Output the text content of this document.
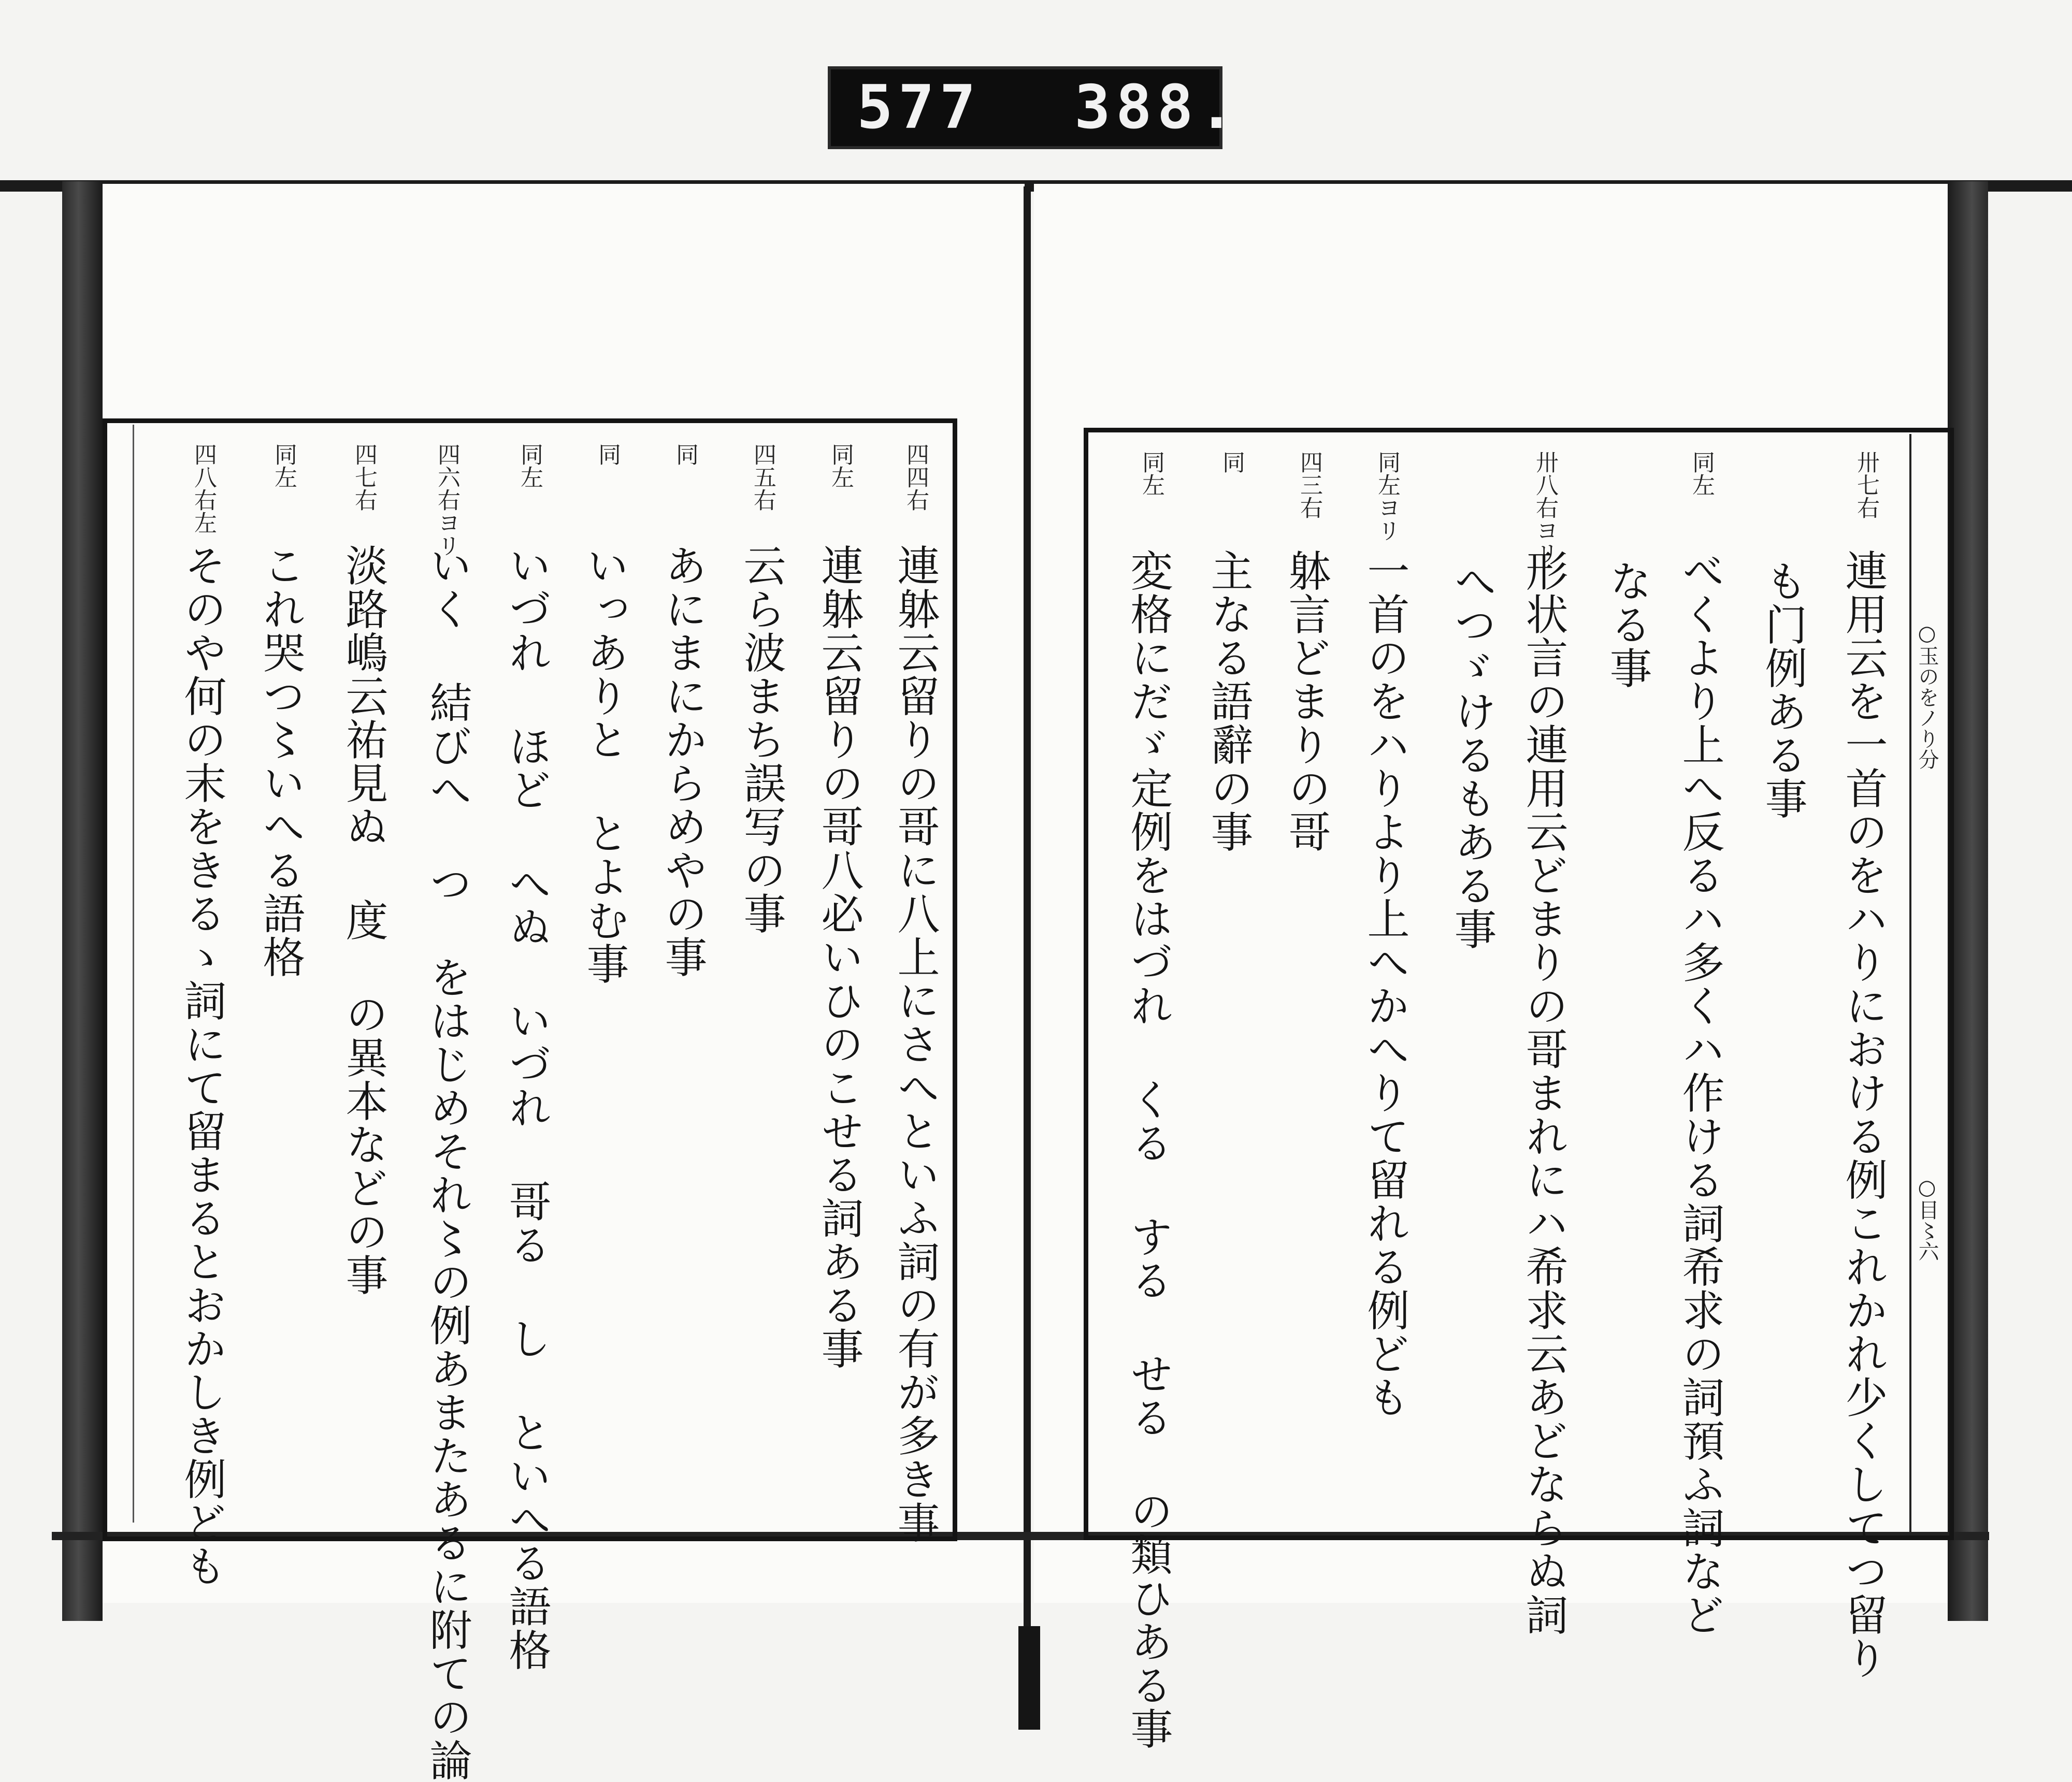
577 388.

○玉のをノり分

○目〻六

卅七右

連用云を一首のをハりにおける例これかれ少くしてつ留り

も门例ある事

同左

べくより上へ反るハ多くハ作ける詞希求の詞預ふ詞など

なる事

卅八右ヨリ

形状言の連用云どまりの哥まれにハ希求云あどならぬ詞

へつゞけるもある事

同左ヨリ

一首のをハりより上へかへりて留れる例ども

四三右

躰言どまりの哥

同

主なる語辭の事

同左

変格にだゞ定例をはづれ くる する せる の類ひある事

四四右

連躰云留りの哥に八上にさへといふ詞の有が多き事

同左

連躰云留りの哥八必いひのこせる詞ある事

四五右

云ら波まち誤写の事

同

あにまにからめやの事

同

いっありと とよむ事

同左

いづれ ほど へぬ いづれ 哥る し といへる語格

四六右ヨリ

いく 結びへ つ をはじめそれ〻の例あまたあるに附ての論

四七右

淡路嶋云祐見ぬ 度 の異本などの事

同左

これ哭つ〻いへる語格

四八右左

そのや何の末をきるゝ詞にて留まるとおかしき例ども
